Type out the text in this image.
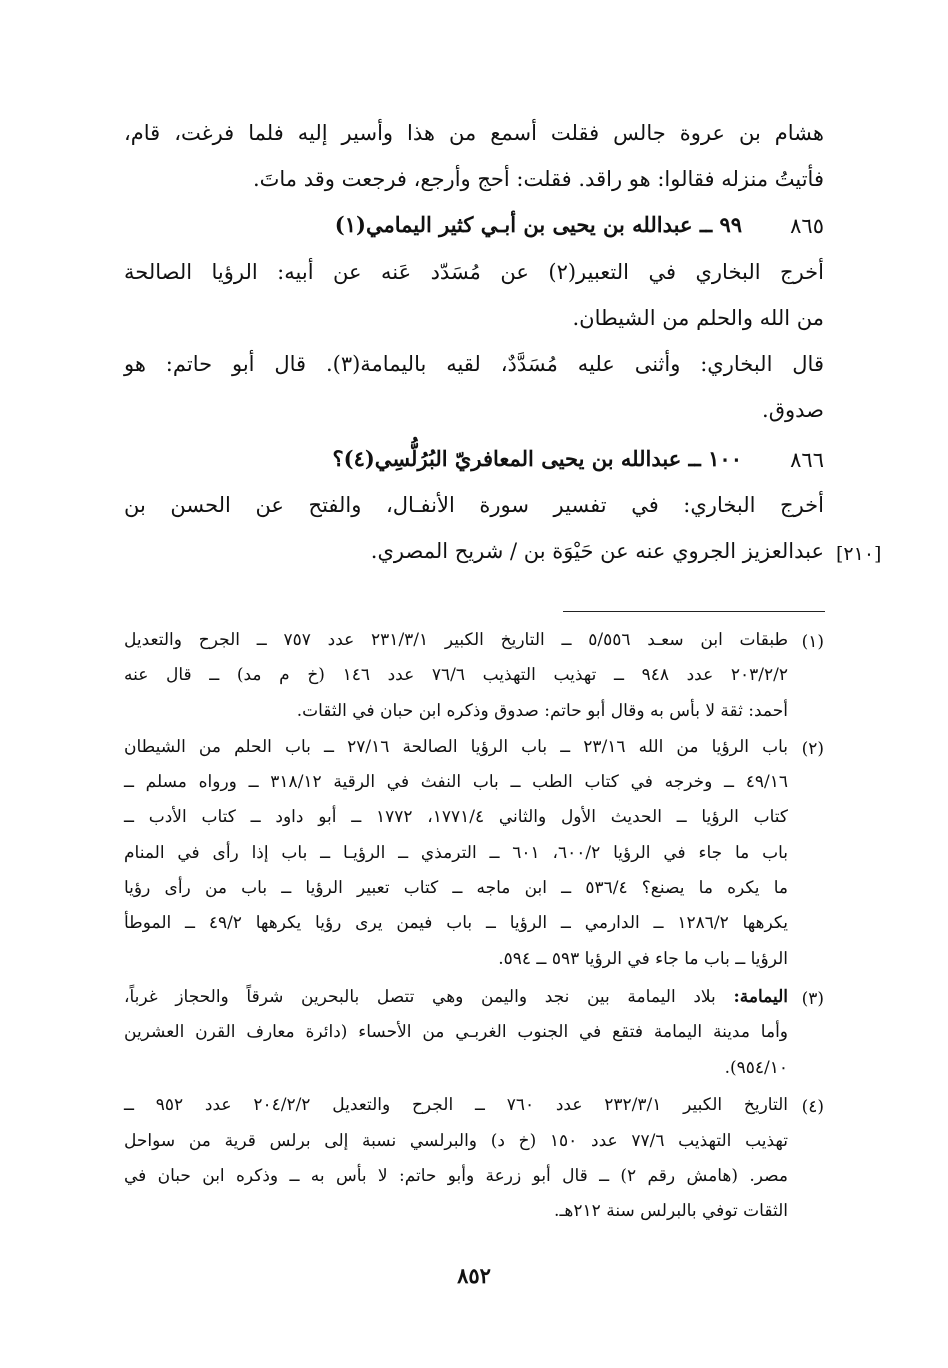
هشام بن عروة جالس فقلت أسمع من هذا وأسير إليه فلما فرغت، قام،
فأتيتُ منزله فقالوا: هو راقد. فقلت: أحج وأرجع، فرجعت وقد ماتَ.
٨٦٥
٩٩ ــ عبدالله بن يحيى بن أبـي كثير اليمامي(١)
أخرج البخاري في التعبير(٢) عن مُسَدّد عَنه عن أبيه: الرؤيا الصالحة
من الله والحلم من الشيطان.
قال البخاري: وأثنى عليه مُسَدَّدٌ، لقيه باليمامة(٣). قال أبو حاتم: هو
صدوق.
٨٦٦
١٠٠ ــ عبدالله بن يحيى المعافريّ البُرُلُّسِي(٤)؟
أخرج البخاري: في تفسير سورة الأنفـال، والفتح عن الحسن بن
عبدالعزيز الجروي عنه عن حَيْوَة بن / شريح المصري. [٢١٠]
(١)
طبقات ابن سعـد ٥/٥٥٦ ــ التاريخ الكبير ٢٣١/٣/١ عدد ٧٥٧ ــ الجرح والتعديل
٢٠٣/٢/٢ عدد ٩٤٨ ــ تهذيب التهذيب ٧٦/٦ عدد ١٤٦ (خ م مد) ــ قال عنه
أحمد: ثقة لا بأس به وقال أبو حاتم: صدوق وذكره ابن حبان في الثقات.
(٢)
باب الرؤيا من الله ٢٣/١٦ ــ باب الرؤيا الصالحة ٢٧/١٦ ــ باب الحلم من الشيطان
٤٩/١٦ ــ وخرجه في كتاب الطب ــ باب النفث في الرقية ٣١٨/١٢ ــ ورواه مسلم ــ
كتاب الرؤيا ــ الحديث الأول والثاني ١٧٧١/٤، ١٧٧٢ ــ أبو داود ــ كتاب الأدب ــ
باب ما جاء في الرؤيا ٦٠٠/٢، ٦٠١ ــ الترمذي ــ الرؤيـا ــ باب إذا رأى في المنام
ما يكره ما يصنع؟ ٥٣٦/٤ ــ ابن ماجه ــ كتاب تعبير الرؤيا ــ باب من رأى رؤيا
يكرهها ١٢٨٦/٢ ــ الدارمي ــ الرؤيا ــ باب فيمن يرى رؤيا يكرهها ٤٩/٢ ــ الموطأ
الرؤيا ــ باب ما جاء في الرؤيا ٥٩٣ ــ ٥٩٤.
(٣)
اليمامة: بلاد اليمامة بين نجد واليمن وهي تتصل بالبحرين شرقاً والحجاز غرباً،
وأما مدينة اليمامة فتقع في الجنوب الغربـي من الأحساء (دائرة معارف القرن العشرين
٩٥٤/١٠).
(٤)
التاريخ الكبير ٢٣٢/٣/١ عدد ٧٦٠ ــ الجرح والتعديل ٢٠٤/٢/٢ عدد ٩٥٢ ــ
تهذيب التهذيب ٧٧/٦ عدد ١٥٠ (خ د) والبرلسي نسبة إلى برلس قرية من سواحل
مصر. (هامش رقم ٢) ــ قال أبو زرعة وأبو حاتم: لا بأس به ــ وذكره ابن حبان في
الثقات توفي بالبرلس سنة ٢١٢هـ.
٨٥٢
